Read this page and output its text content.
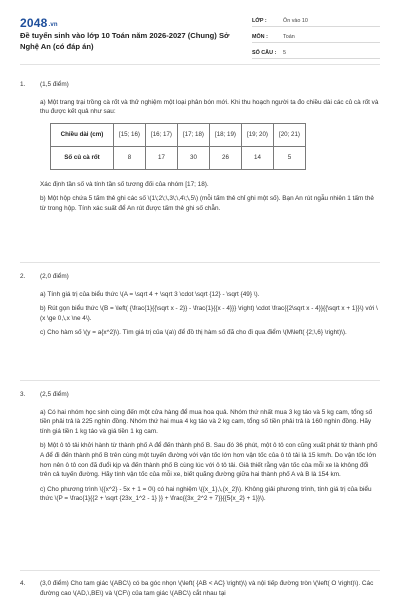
2048.vn
Đề tuyển sinh vào lớp 10 Toán năm 2026-2027 (Chung) Sở Nghệ An (có đáp án)
LỚP :	Ôn vào 10
MÔN :	Toán
SỐ CÂU :	5
1. (1,5 điểm)

a) Một trang trại trồng cà rốt và thử nghiệm một loại phân bón mới. Khi thu hoạch người ta đo chiều dài các củ cà rốt và thu được kết quả như sau:

Chiều dài (cm)	[15; 16)	[16; 17)	[17; 18)	[18; 19)	[19; 20)	[20; 21)
Số củ cà rốt	8	17	30	26	14	5

Xác định tần số và tính tần số tương đối của nhóm [17; 18).

b) Một hộp chứa 5 tấm thẻ ghi các số \(1\;2\;\,3\;\,4\;\,5\) (mỗi tấm thẻ chỉ ghi một số). Bạn An rút ngẫu nhiên 1 tấm thẻ từ trong hộp. Tính xác suất để An rút được tấm thẻ ghi số chẵn.

2. (2,0 điểm)

a) Tính giá trị của biểu thức \(A = \sqrt 4 + \sqrt 3 \cdot \sqrt {12} - \sqrt {49} \).

b) Rút gọn biểu thức \(B = \left( {\frac{1}{{\sqrt x - 2}} - \frac{1}{{x - 4}}} \right) \cdot \frac{{2\sqrt x - 4}}{{\sqrt x + 1}}\) với \(x \ge 0,\,x \ne 4\).

c) Cho hàm số \(y = a{x^2}\). Tìm giá trị của \(a\) để đồ thị hàm số đã cho đi qua điểm \(M\left( {2;\,6} \right)\).

3. (2,5 điểm)

a) Có hai nhóm học sinh cùng đến một cửa hàng để mua hoa quả. Nhóm thứ nhất mua 3 kg táo và 5 kg cam, tổng số tiền phải trả là 225 nghìn đồng. Nhóm thứ hai mua 4 kg táo và 2 kg cam, tổng số tiền phải trả là 160 nghìn đồng. Hãy tính giá tiền 1 kg táo và giá tiền 1 kg cam.

b) Một ô tô tải khởi hành từ thành phố A để đến thành phố B. Sau đó 36 phút, một ô tô con cũng xuất phát từ thành phố A để đi đến thành phố B trên cùng một tuyến đường với vận tốc lớn hơn vận tốc của ô tô tải là 15 km/h. Do vận tốc lớn hơn nên ô tô con đã đuổi kịp và đến thành phố B cùng lúc với ô tô tải. Giả thiết rằng vận tốc của mỗi xe là không đổi trên cả tuyến đường. Hãy tính vận tốc của mỗi xe, biết quãng đường giữa hai thành phố A và B là 154 km.

c) Cho phương trình \({x^2} - 5x + 1 = 0\) có hai nghiệm \({x_1},\,{x_2}\). Không giải phương trình, tính giá trị của biểu thức \(P = \frac{1}{{2 + \sqrt {23x_1^2 - 1} }} + \frac{{3x_2^2 + 7}}{{5{x_2} + 1}}\).

4. (3,0 điểm) Cho tam giác \(ABC\) có ba góc nhọn \(\left( {AB < AC} \right)\) và nội tiếp đường tròn \(\left( O \right)\). Các đường cao \(AD,\,BE\) và \(CF\) của tam giác \(ABC\) cắt nhau tại
